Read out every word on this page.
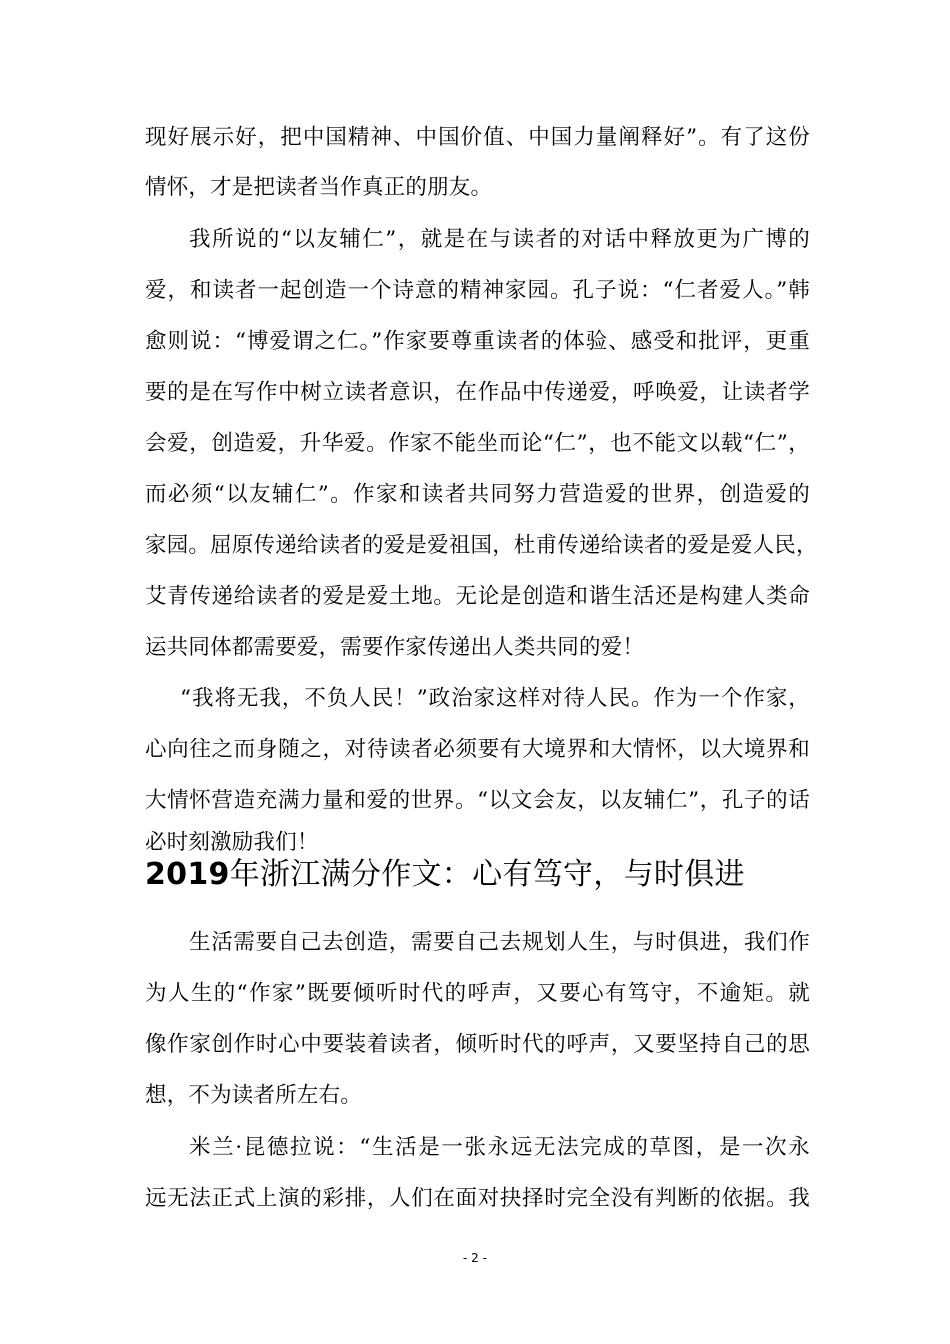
现好展示好，把中国精神、中国价值、中国力量阐释好”。有了这份
情怀，才是把读者当作真正的朋友。
我所说的“以友辅仁”，就是在与读者的对话中释放更为广博的
爱，和读者一起创造一个诗意的精神家园。孔子说：“仁者爱人。”韩
愈则说：“博爱谓之仁。”作家要尊重读者的体验、感受和批评，更重
要的是在写作中树立读者意识，在作品中传递爱，呼唤爱，让读者学
会爱，创造爱，升华爱。作家不能坐而论“仁”，也不能文以载“仁”，
而必须“以友辅仁”。作家和读者共同努力营造爱的世界，创造爱的
家园。屈原传递给读者的爱是爱祖国，杜甫传递给读者的爱是爱人民，
艾青传递给读者的爱是爱土地。无论是创造和谐生活还是构建人类命
运共同体都需要爱，需要作家传递出人类共同的爱！
“我将无我，不负人民！”政治家这样对待人民。作为一个作家，
心向往之而身随之，对待读者必须要有大境界和大情怀，以大境界和
大情怀营造充满力量和爱的世界。“以文会友，以友辅仁”，孔子的话
必时刻激励我们！
2019年浙江满分作文：心有笃守，与时俱进
生活需要自己去创造，需要自己去规划人生，与时俱进，我们作
为人生的“作家”既要倾听时代的呼声，又要心有笃守，不逾矩。就
像作家创作时心中要装着读者，倾听时代的呼声，又要坚持自己的思
想，不为读者所左右。
米兰·昆德拉说：“生活是一张永远无法完成的草图，是一次永
远无法正式上演的彩排，人们在面对抉择时完全没有判断的依据。我
- 2 -
